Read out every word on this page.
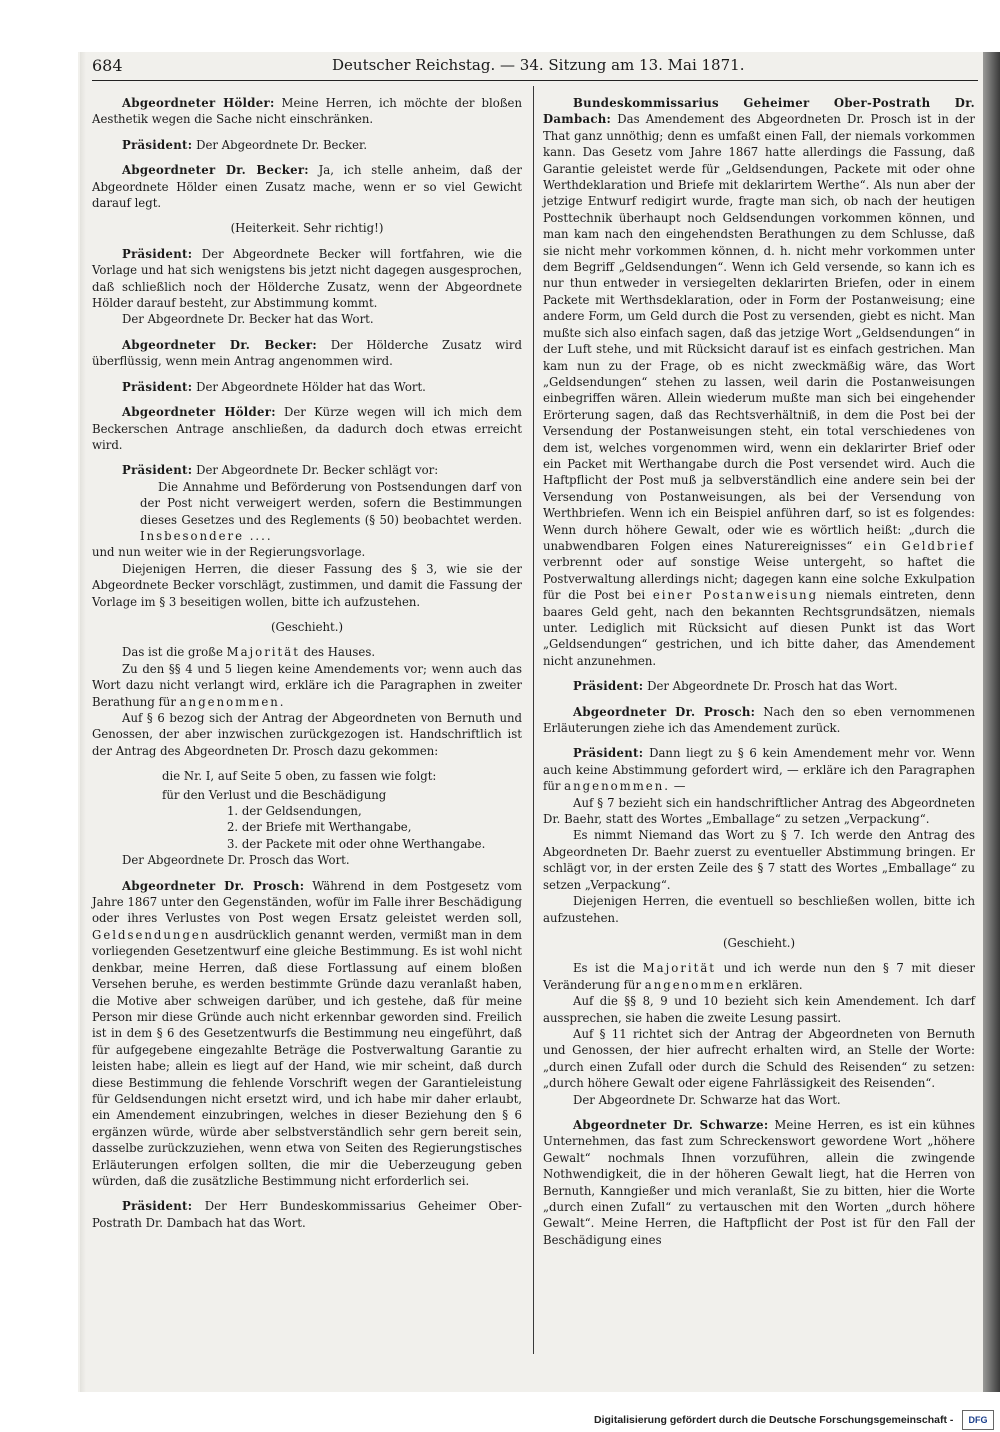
684	Deutscher Reichstag. — 34. Sitzung am 13. Mai 1871.

Abgeordneter Hölder: Meine Herren, ich möchte der bloßen Aesthetik wegen die Sache nicht einschränken.

Präsident: Der Abgeordnete Dr. Becker.

Abgeordneter Dr. Becker: Ja, ich stelle anheim, daß der Abgeordnete Hölder einen Zusatz mache, wenn er so viel Gewicht darauf legt.

(Heiterkeit. Sehr richtig!)

Präsident: Der Abgeordnete Becker will fortfahren, wie die Vorlage und hat sich wenigstens bis jetzt nicht dagegen ausgesprochen, daß schließlich noch der Hölderche Zusatz, wenn der Abgeordnete Hölder darauf besteht, zur Abstimmung kommt.

Der Abgeordnete Dr. Becker hat das Wort.

Abgeordneter Dr. Becker: Der Hölderche Zusatz wird überflüssig, wenn mein Antrag angenommen wird.

Präsident: Der Abgeordnete Hölder hat das Wort.

Abgeordneter Hölder: Der Kürze wegen will ich mich dem Beckerschen Antrage anschließen, da dadurch doch etwas erreicht wird.

Präsident: Der Abgeordnete Dr. Becker schlägt vor:

Die Annahme und Beförderung von Postsendungen darf von der Post nicht verweigert werden, sofern die Bestimmungen dieses Gesetzes und des Reglements (§ 50) beobachtet werden. Insbesondere ....

und nun weiter wie in der Regierungsvorlage.

Diejenigen Herren, die dieser Fassung des § 3, wie sie der Abgeordnete Becker vorschlägt, zustimmen, und damit die Fassung der Vorlage im § 3 beseitigen wollen, bitte ich aufzustehen.

(Geschieht.)

Das ist die große Majorität des Hauses.

Zu den §§ 4 und 5 liegen keine Amendements vor; wenn auch das Wort dazu nicht verlangt wird, erkläre ich die Paragraphen in zweiter Berathung für angenommen.

Auf § 6 bezog sich der Antrag der Abgeordneten von Bernuth und Genossen, der aber inzwischen zurückgezogen ist. Handschriftlich ist der Antrag des Abgeordneten Dr. Prosch dazu gekommen:

die Nr. I, auf Seite 5 oben, zu fassen wie folgt:

für den Verlust und die Beschädigung

1. der Geldsendungen,

2. der Briefe mit Werthangabe,

3. der Packete mit oder ohne Werthangabe.

Der Abgeordnete Dr. Prosch das Wort.

Abgeordneter Dr. Prosch: Während in dem Postgesetz vom Jahre 1867 unter den Gegenständen, wofür im Falle ihrer Beschädigung oder ihres Verlustes von Post wegen Ersatz geleistet werden soll, Geldsendungen ausdrücklich genannt werden, vermißt man in dem vorliegenden Gesetzentwurf eine gleiche Bestimmung. Es ist wohl nicht denkbar, meine Herren, daß diese Fortlassung auf einem bloßen Versehen beruhe, es werden bestimmte Gründe dazu veranlaßt haben, die Motive aber schweigen darüber, und ich gestehe, daß für meine Person mir diese Gründe auch nicht erkennbar geworden sind. Freilich ist in dem § 6 des Gesetzentwurfs die Bestimmung neu eingeführt, daß für aufgegebene eingezahlte Beträge die Postverwaltung Garantie zu leisten habe; allein es liegt auf der Hand, wie mir scheint, daß durch diese Bestimmung die fehlende Vorschrift wegen der Garantieleistung für Geldsendungen nicht ersetzt wird, und ich habe mir daher erlaubt, ein Amendement einzubringen, welches in dieser Beziehung den § 6 ergänzen würde, würde aber selbstverständlich sehr gern bereit sein, dasselbe zurückzuziehen, wenn etwa von Seiten des Regierungstisches Erläuterungen erfolgen sollten, die mir die Ueberzeugung geben würden, daß die zusätzliche Bestimmung nicht erforderlich sei.

Präsident: Der Herr Bundeskommissarius Geheimer Ober-Postrath Dr. Dambach hat das Wort.

Bundeskommissarius Geheimer Ober-Postrath Dr. Dambach: Das Amendement des Abgeordneten Dr. Prosch ist in der That ganz unnöthig; denn es umfaßt einen Fall, der niemals vorkommen kann. Das Gesetz vom Jahre 1867 hatte allerdings die Fassung, daß Garantie geleistet werde für „Geldsendungen, Packete mit oder ohne Werthdeklaration und Briefe mit deklarirtem Werthe“. Als nun aber der jetzige Entwurf redigirt wurde, fragte man sich, ob nach der heutigen Posttechnik überhaupt noch Geldsendungen vorkommen können, und man kam nach den eingehendsten Berathungen zu dem Schlusse, daß sie nicht mehr vorkommen können, d. h. nicht mehr vorkommen unter dem Begriff „Geldsendungen“. Wenn ich Geld versende, so kann ich es nur thun entweder in versiegelten deklarirten Briefen, oder in einem Packete mit Werthsdeklaration, oder in Form der Postanweisung; eine andere Form, um Geld durch die Post zu versenden, giebt es nicht. Man mußte sich also einfach sagen, daß das jetzige Wort „Geldsendungen“ in der Luft stehe, und mit Rücksicht darauf ist es einfach gestrichen. Man kam nun zu der Frage, ob es nicht zweckmäßig wäre, das Wort „Geldsendungen“ stehen zu lassen, weil darin die Postanweisungen einbegriffen wären. Allein wiederum mußte man sich bei eingehender Erörterung sagen, daß das Rechtsverhältniß, in dem die Post bei der Versendung der Postanweisungen steht, ein total verschiedenes von dem ist, welches vorgenommen wird, wenn ein deklarirter Brief oder ein Packet mit Werthangabe durch die Post versendet wird. Auch die Haftpflicht der Post muß ja selbverständlich eine andere sein bei der Versendung von Postanweisungen, als bei der Versendung von Werthbriefen. Wenn ich ein Beispiel anführen darf, so ist es folgendes: Wenn durch höhere Gewalt, oder wie es wörtlich heißt: „durch die unabwendbaren Folgen eines Naturereignisses“ ein Geldbrief verbrennt oder auf sonstige Weise untergeht, so haftet die Postverwaltung allerdings nicht; dagegen kann eine solche Exkulpation für die Post bei einer Postanweisung niemals eintreten, denn baares Geld geht, nach den bekannten Rechtsgrundsätzen, niemals unter. Lediglich mit Rücksicht auf diesen Punkt ist das Wort „Geldsendungen“ gestrichen, und ich bitte daher, das Amendement nicht anzunehmen.

Präsident: Der Abgeordnete Dr. Prosch hat das Wort.

Abgeordneter Dr. Prosch: Nach den so eben vernommenen Erläuterungen ziehe ich das Amendement zurück.

Präsident: Dann liegt zu § 6 kein Amendement mehr vor. Wenn auch keine Abstimmung gefordert wird, — erkläre ich den Paragraphen für angenommen. —

Auf § 7 bezieht sich ein handschriftlicher Antrag des Abgeordneten Dr. Baehr, statt des Wortes „Emballage“ zu setzen „Verpackung“.

Es nimmt Niemand das Wort zu § 7. Ich werde den Antrag des Abgeordneten Dr. Baehr zuerst zu eventueller Abstimmung bringen. Er schlägt vor, in der ersten Zeile des § 7 statt des Wortes „Emballage“ zu setzen „Verpackung“.

Diejenigen Herren, die eventuell so beschließen wollen, bitte ich aufzustehen.

(Geschieht.)

Es ist die Majorität und ich werde nun den § 7 mit dieser Veränderung für angenommen erklären.

Auf die §§ 8, 9 und 10 bezieht sich kein Amendement. Ich darf aussprechen, sie haben die zweite Lesung passirt.

Auf § 11 richtet sich der Antrag der Abgeordneten von Bernuth und Genossen, der hier aufrecht erhalten wird, an Stelle der Worte: „durch einen Zufall oder durch die Schuld des Reisenden“ zu setzen: „durch höhere Gewalt oder eigene Fahrlässigkeit des Reisenden“.

Der Abgeordnete Dr. Schwarze hat das Wort.

Abgeordneter Dr. Schwarze: Meine Herren, es ist ein kühnes Unternehmen, das fast zum Schreckenswort gewordene Wort „höhere Gewalt“ nochmals Ihnen vorzuführen, allein die zwingende Nothwendigkeit, die in der höheren Gewalt liegt, hat die Herren von Bernuth, Kanngießer und mich veranlaßt, Sie zu bitten, hier die Worte „durch einen Zufall“ zu vertauschen mit den Worten „durch höhere Gewalt“. Meine Herren, die Haftpflicht der Post ist für den Fall der Beschädigung eines

Digitalisierung gefördert durch die Deutsche Forschungsgemeinschaft -	DFG
